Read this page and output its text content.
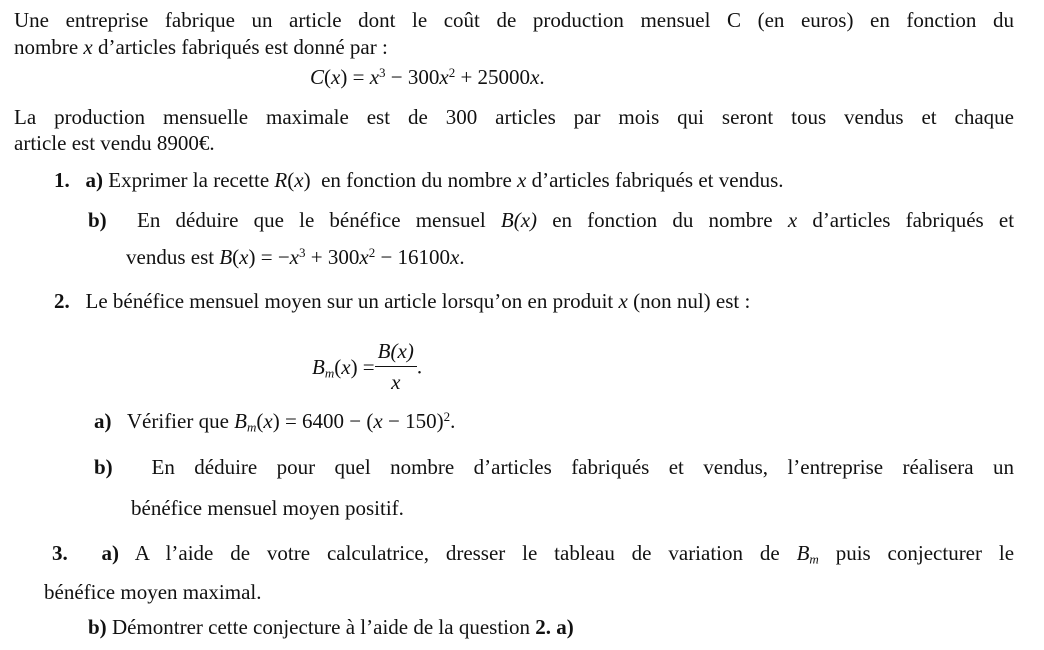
Une entreprise fabrique un article dont le coût de production mensuel C (en euros) en fonction du

nombre x d’articles fabriqués est donné par :

$C(x) = x^3 - 300x^2 + 25000x$.

La production mensuelle maximale est de 300 articles par mois qui seront tous vendus et chaque

article est vendu 8900€.

1. a) Exprimer la recette R(x) en fonction du nombre x d’articles fabriqués et vendus.

b) En déduire que le bénéfice mensuel B(x) en fonction du nombre x d’articles fabriqués et

vendus est $B(x) = -x^3 + 300x^2 - 16100x$.

2. Le bénéfice mensuel moyen sur un article lorsqu’on en produit x (non nul) est :

$B_m(x) = \frac{B(x)}{x}$ .

a) Vérifier que $B_m(x) = 6400 - (x - 150)^2$.

b) En déduire pour quel nombre d’articles fabriqués et vendus, l’entreprise réalisera un

bénéfice mensuel moyen positif.

3. a) A l’aide de votre calculatrice, dresser le tableau de variation de $B_m$ puis conjecturer le

bénéfice moyen maximal.

b) Démontrer cette conjecture à l’aide de la question 2. a)
